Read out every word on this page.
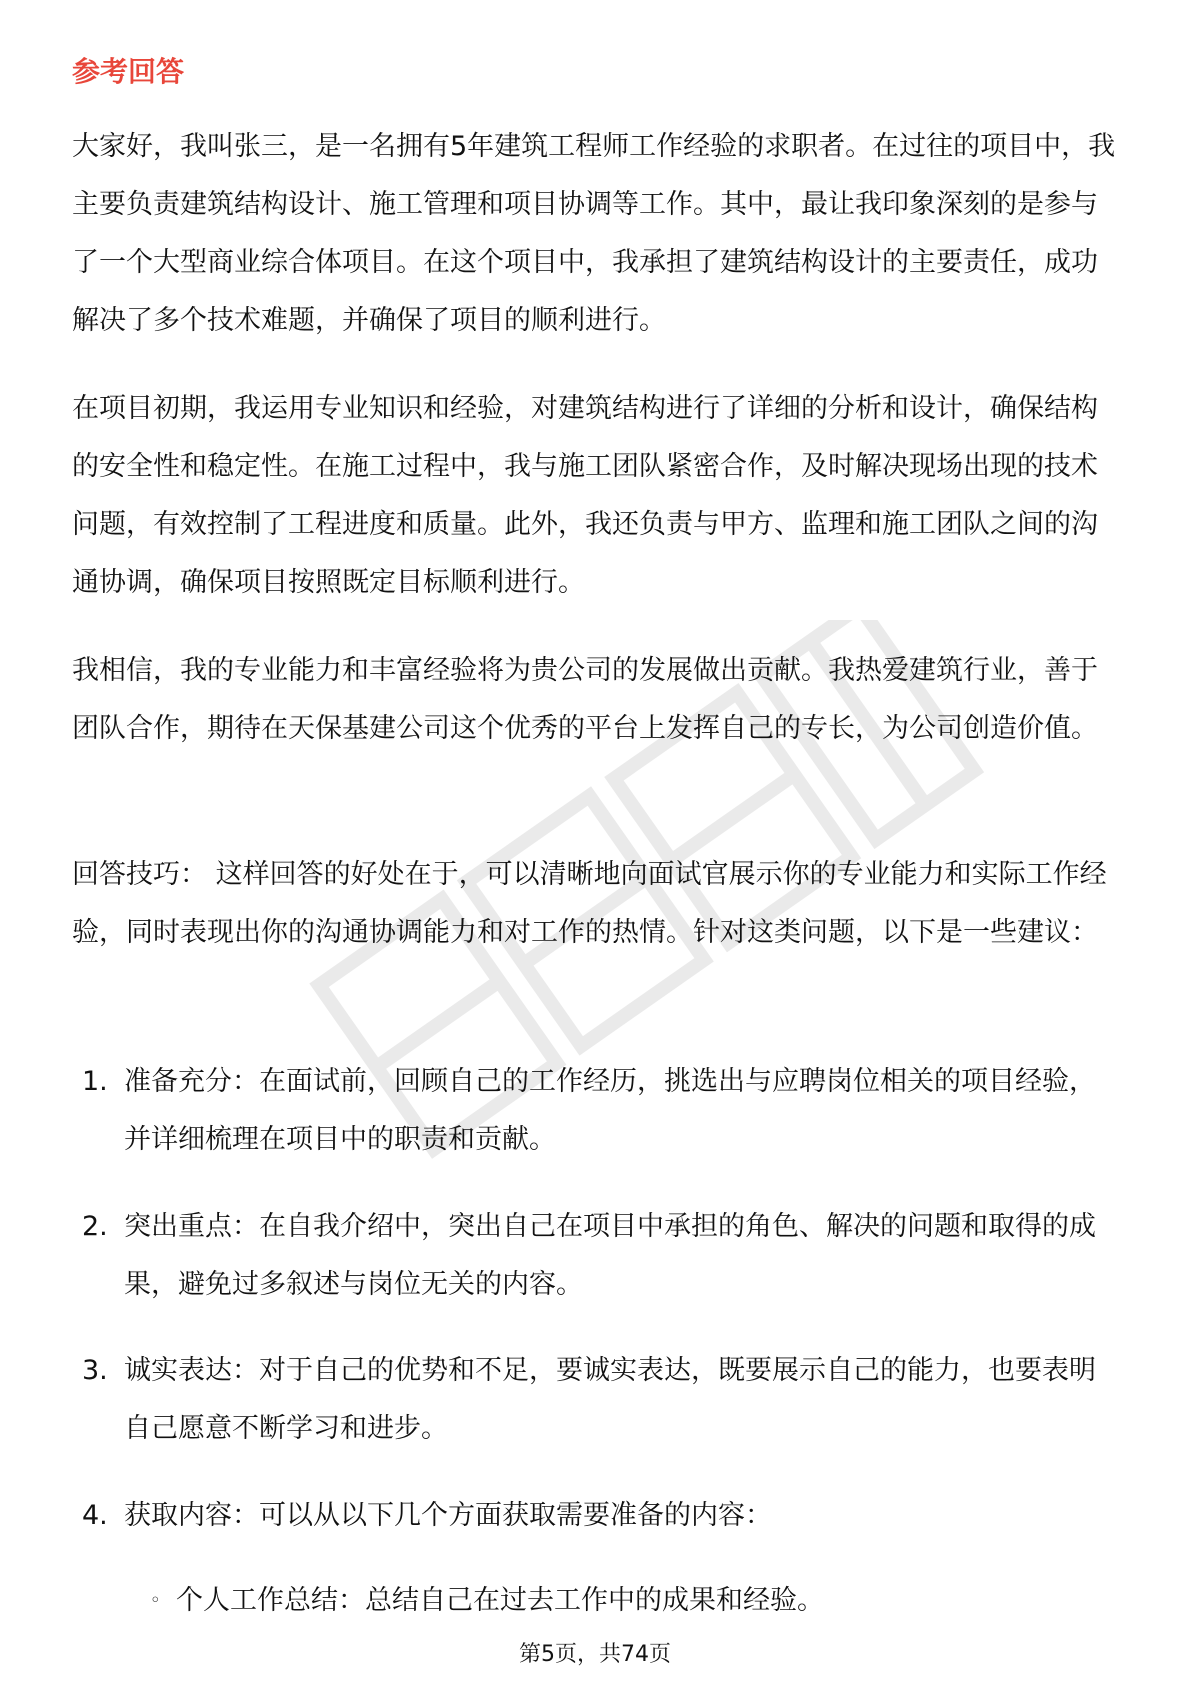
参考回答

大家好，我叫张三，是一名拥有5年建筑工程师工作经验的求职者。在过往的项目中，我主要负责建筑结构设计、施工管理和项目协调等工作。其中，最让我印象深刻的是参与了一个大型商业综合体项目。在这个项目中，我承担了建筑结构设计的主要责任，成功解决了多个技术难题，并确保了项目的顺利进行。

在项目初期，我运用专业知识和经验，对建筑结构进行了详细的分析和设计，确保结构的安全性和稳定性。在施工过程中，我与施工团队紧密合作，及时解决现场出现的技术问题，有效控制了工程进度和质量。此外，我还负责与甲方、监理和施工团队之间的沟通协调，确保项目按照既定目标顺利进行。

我相信，我的专业能力和丰富经验将为贵公司的发展做出贡献。我热爱建筑行业，善于团队合作，期待在天保基建公司这个优秀的平台上发挥自己的专长，为公司创造价值。

回答技巧： 这样回答的好处在于，可以清晰地向面试官展示你的专业能力和实际工作经验，同时表现出你的沟通协调能力和对工作的热情。针对这类问题，以下是一些建议：

1. 准备充分：在面试前，回顾自己的工作经历，挑选出与应聘岗位相关的项目经验，并详细梳理在项目中的职责和贡献。
2. 突出重点：在自我介绍中，突出自己在项目中承担的角色、解决的问题和取得的成果，避免过多叙述与岗位无关的内容。
3. 诚实表达：对于自己的优势和不足，要诚实表达，既要展示自己的能力，也要表明自己愿意不断学习和进步。
4. 获取内容：可以从以下几个方面获取需要准备的内容：
◦ 个人工作总结：总结自己在过去工作中的成果和经验。
第5页，共74页
